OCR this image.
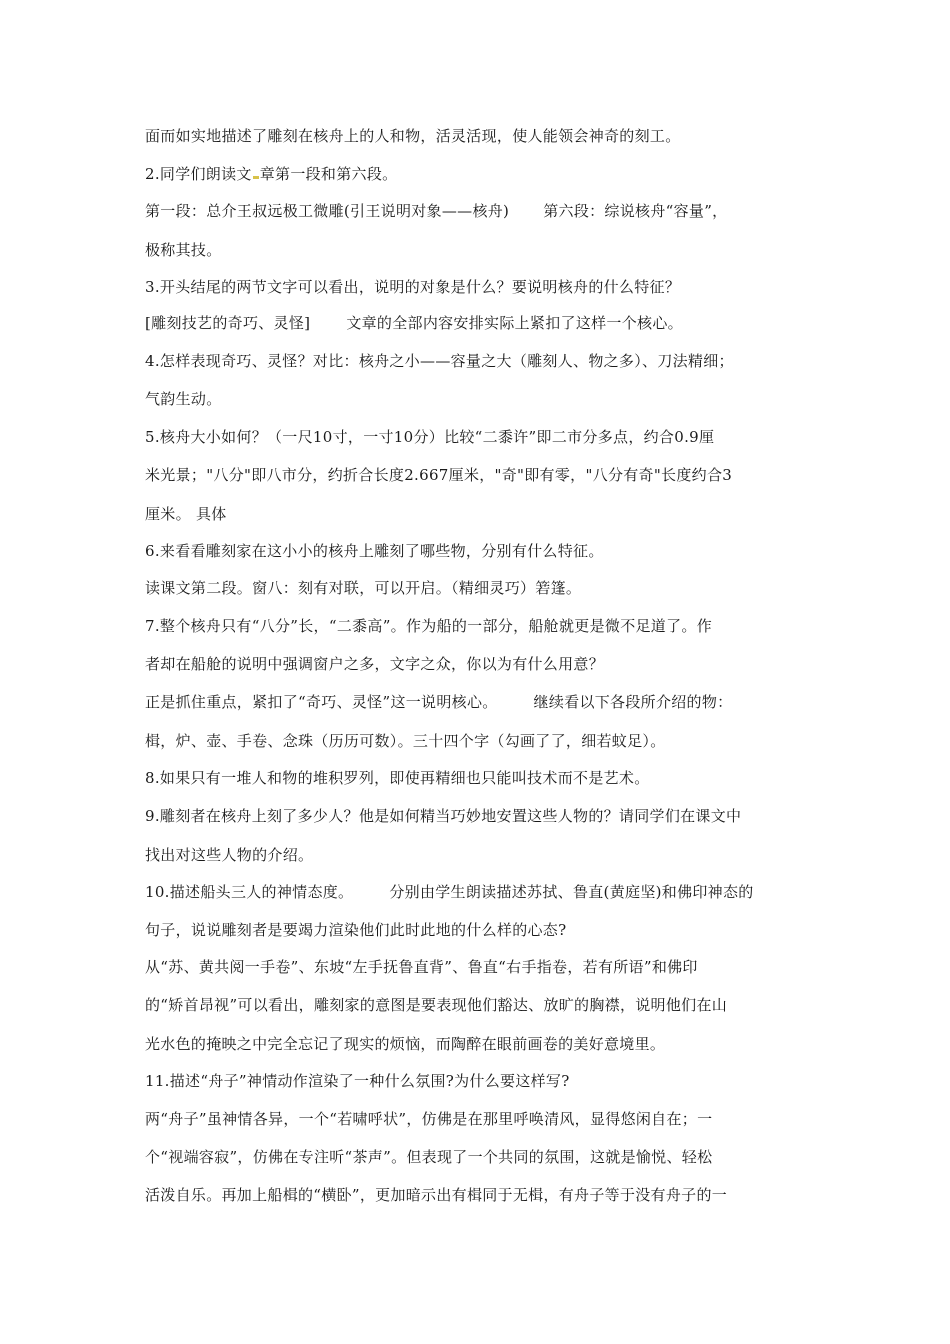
面而如实地描述了雕刻在核舟上的人和物，活灵活现，使人能领会神奇的刻工。
2.同学们朗读文 章第一段和第六段。
第一段：总介王叔远极工微雕(引王说明对象——核舟) 第六段：综说核舟“容量”，
极称其技。
3.开头结尾的两节文字可以看出，说明的对象是什么？要说明核舟的什么特征？
[雕刻技艺的奇巧、灵怪] 文章的全部内容安排实际上紧扣了这样一个核心。
4.怎样表现奇巧、灵怪？对比：核舟之小——容量之大（雕刻人、物之多）、刀法精细；
气韵生动。
5.核舟大小如何？（一尺10寸，一寸10分）比较“二黍许”即二市分多点，约合0.9厘
米光景；"八分"即八市分，约折合长度2.667厘米，"奇"即有零，"八分有奇"长度约合3
厘米。 具体
6.来看看雕刻家在这小小的核舟上雕刻了哪些物，分别有什么特征。
读课文第二段。窗八：刻有对联，可以开启。（精细灵巧）箬篷。
7.整个核舟只有“八分”长，“二黍高”。作为船的一部分，船舱就更是微不足道了。作
者却在船舱的说明中强调窗户之多，文字之众，你以为有什么用意？
正是抓住重点，紧扣了“奇巧、灵怪”这一说明核心。 继续看以下各段所介绍的物：
楫，炉、壶、手卷、念珠（历历可数）。三十四个字（勾画了了，细若蚊足）。
8.如果只有一堆人和物的堆积罗列，即使再精细也只能叫技术而不是艺术。
9.雕刻者在核舟上刻了多少人？他是如何精当巧妙地安置这些人物的？请同学们在课文中
找出对这些人物的介绍。
10.描述船头三人的神情态度。 分别由学生朗读描述苏拭、鲁直(黄庭坚)和佛印神态的
句子，说说雕刻者是要竭力渲染他们此时此地的什么样的心态?
从“苏、黄共阅一手卷”、东坡“左手抚鲁直背”、鲁直“右手指卷，若有所语”和佛印
的“矫首昂视”可以看出，雕刻家的意图是要表现他们豁达、放旷的胸襟，说明他们在山
光水色的掩映之中完全忘记了现实的烦恼，而陶醉在眼前画卷的美好意境里。
11.描述“舟子”神情动作渲染了一种什么氛围?为什么要这样写?
两“舟子”虽神情各异，一个“若啸呼状”，仿佛是在那里呼唤清风，显得悠闲自在；一
个“视端容寂”，仿佛在专注听“茶声”。但表现了一个共同的氛围，这就是愉悦、轻松
活泼自乐。再加上船楫的“横卧”，更加暗示出有楫同于无楫，有舟子等于没有舟子的一
